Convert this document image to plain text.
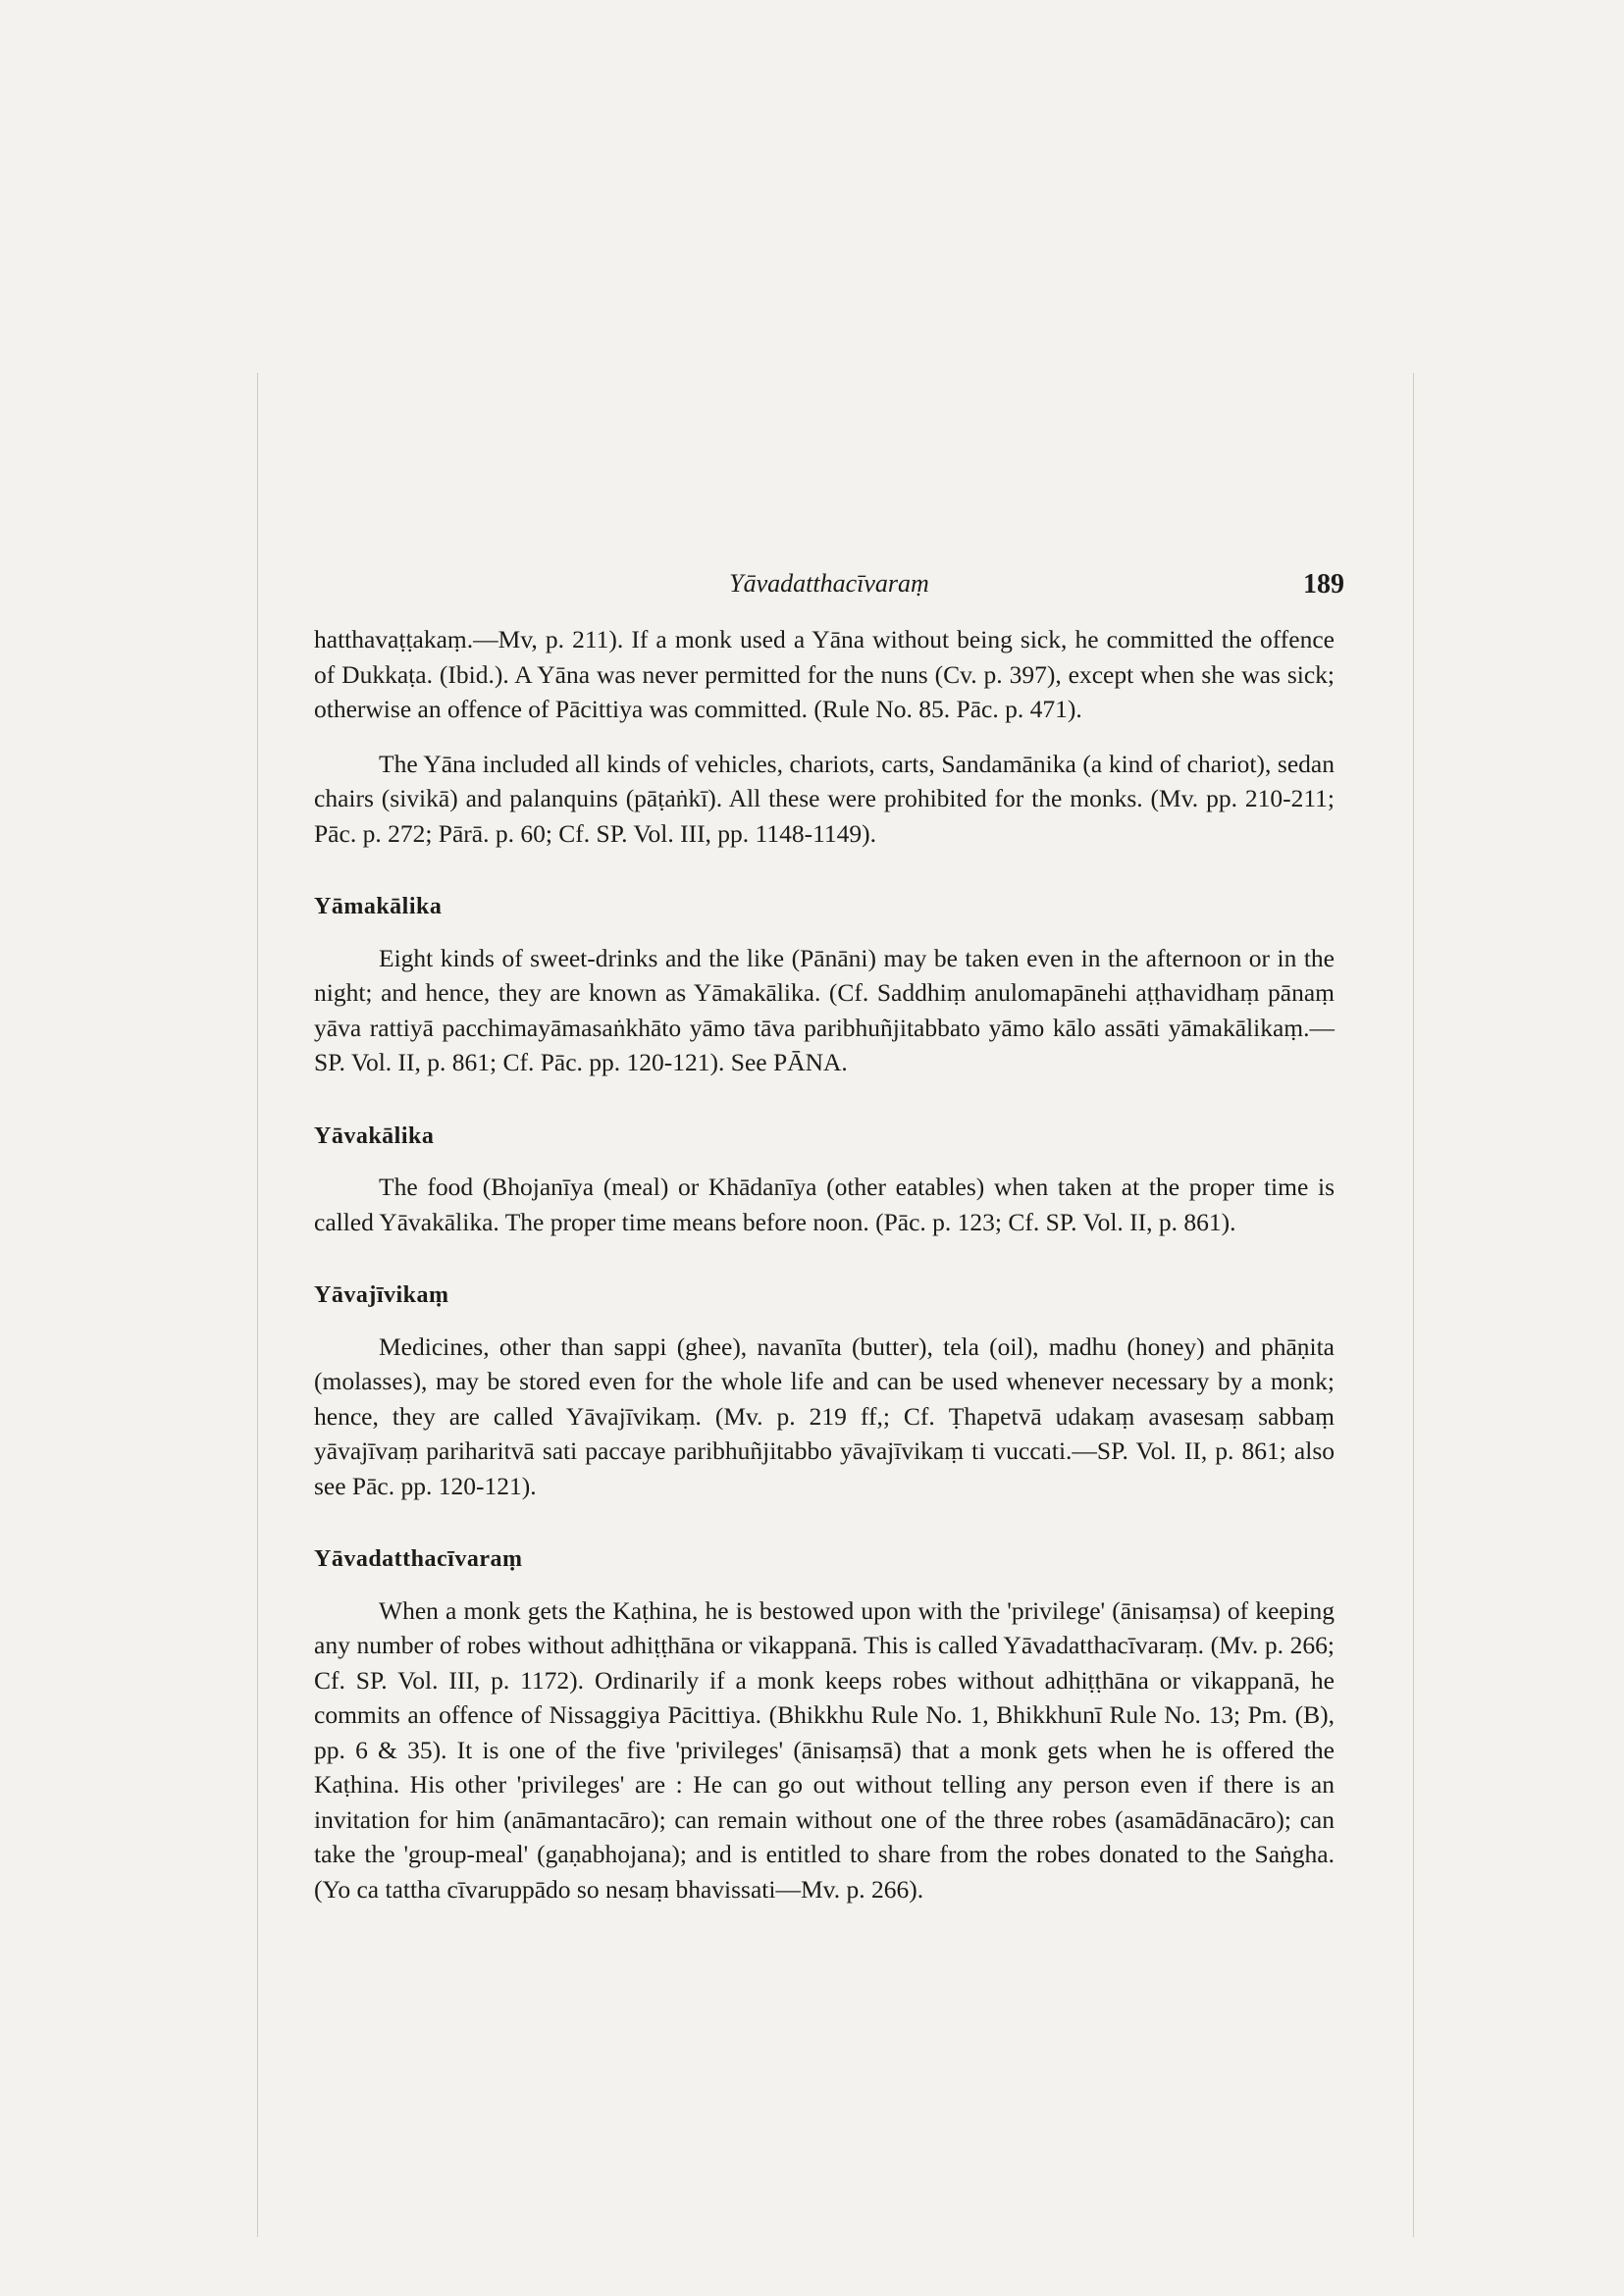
Yāvadatthacīvaraṃ	189

hatthavaṭṭakaṃ.—Mv, p. 211). If a monk used a Yāna without being sick, he committed the offence of Dukkaṭa. (Ibid.). A Yāna was never permitted for the nuns (Cv. p. 397), except when she was sick; otherwise an offence of Pācittiya was committed. (Rule No. 85. Pāc. p. 471).

The Yāna included all kinds of vehicles, chariots, carts, Sandamānika (a kind of chariot), sedan chairs (sivikā) and palanquins (pāṭaṅkī). All these were prohibited for the monks. (Mv. pp. 210-211; Pāc. p. 272; Pārā. p. 60; Cf. SP. Vol. III, pp. 1148-1149).

Yāmakālika

Eight kinds of sweet-drinks and the like (Pānāni) may be taken even in the afternoon or in the night; and hence, they are known as Yāmakālika. (Cf. Saddhiṃ anulomapānehi aṭṭhavidhaṃ pānaṃ yāva rattiyā pacchimayāmasaṅkhāto yāmo tāva paribhuñjitabbato yāmo kālo assāti yāmakālikaṃ.—SP. Vol. II, p. 861; Cf. Pāc. pp. 120-121). See PĀNA.

Yāvakālika

The food (Bhojanīya (meal) or Khādanīya (other eatables) when taken at the proper time is called Yāvakālika. The proper time means before noon. (Pāc. p. 123; Cf. SP. Vol. II, p. 861).

Yāvajīvikaṃ

Medicines, other than sappi (ghee), navanīta (butter), tela (oil), madhu (honey) and phāṇita (molasses), may be stored even for the whole life and can be used whenever necessary by a monk; hence, they are called Yāvajīvikaṃ. (Mv. p. 219 ff,; Cf. Ṭhapetvā udakaṃ avasesaṃ sabbaṃ yāvajīvaṃ pariharitvā sati paccaye paribhuñjitabbo yāvajīvikaṃ ti vuccati.—SP. Vol. II, p. 861; also see Pāc. pp. 120-121).

Yāvadatthacīvaraṃ

When a monk gets the Kaṭhina, he is bestowed upon with the 'privilege' (ānisaṃsa) of keeping any number of robes without adhiṭṭhāna or vikappanā. This is called Yāvadatthacīvaraṃ. (Mv. p. 266; Cf. SP. Vol. III, p. 1172). Ordinarily if a monk keeps robes without adhiṭṭhāna or vikappanā, he commits an offence of Nissaggiya Pācittiya. (Bhikkhu Rule No. 1, Bhikkhunī Rule No. 13; Pm. (B), pp. 6 & 35). It is one of the five 'privileges' (ānisaṃsā) that a monk gets when he is offered the Kaṭhina. His other 'privileges' are : He can go out without telling any person even if there is an invitation for him (anāmantacāro); can remain without one of the three robes (asamādānacāro); can take the 'group-meal' (gaṇabhojana); and is entitled to share from the robes donated to the Saṅgha. (Yo ca tattha cīvaruppādo so nesaṃ bhavissati—Mv. p. 266).
